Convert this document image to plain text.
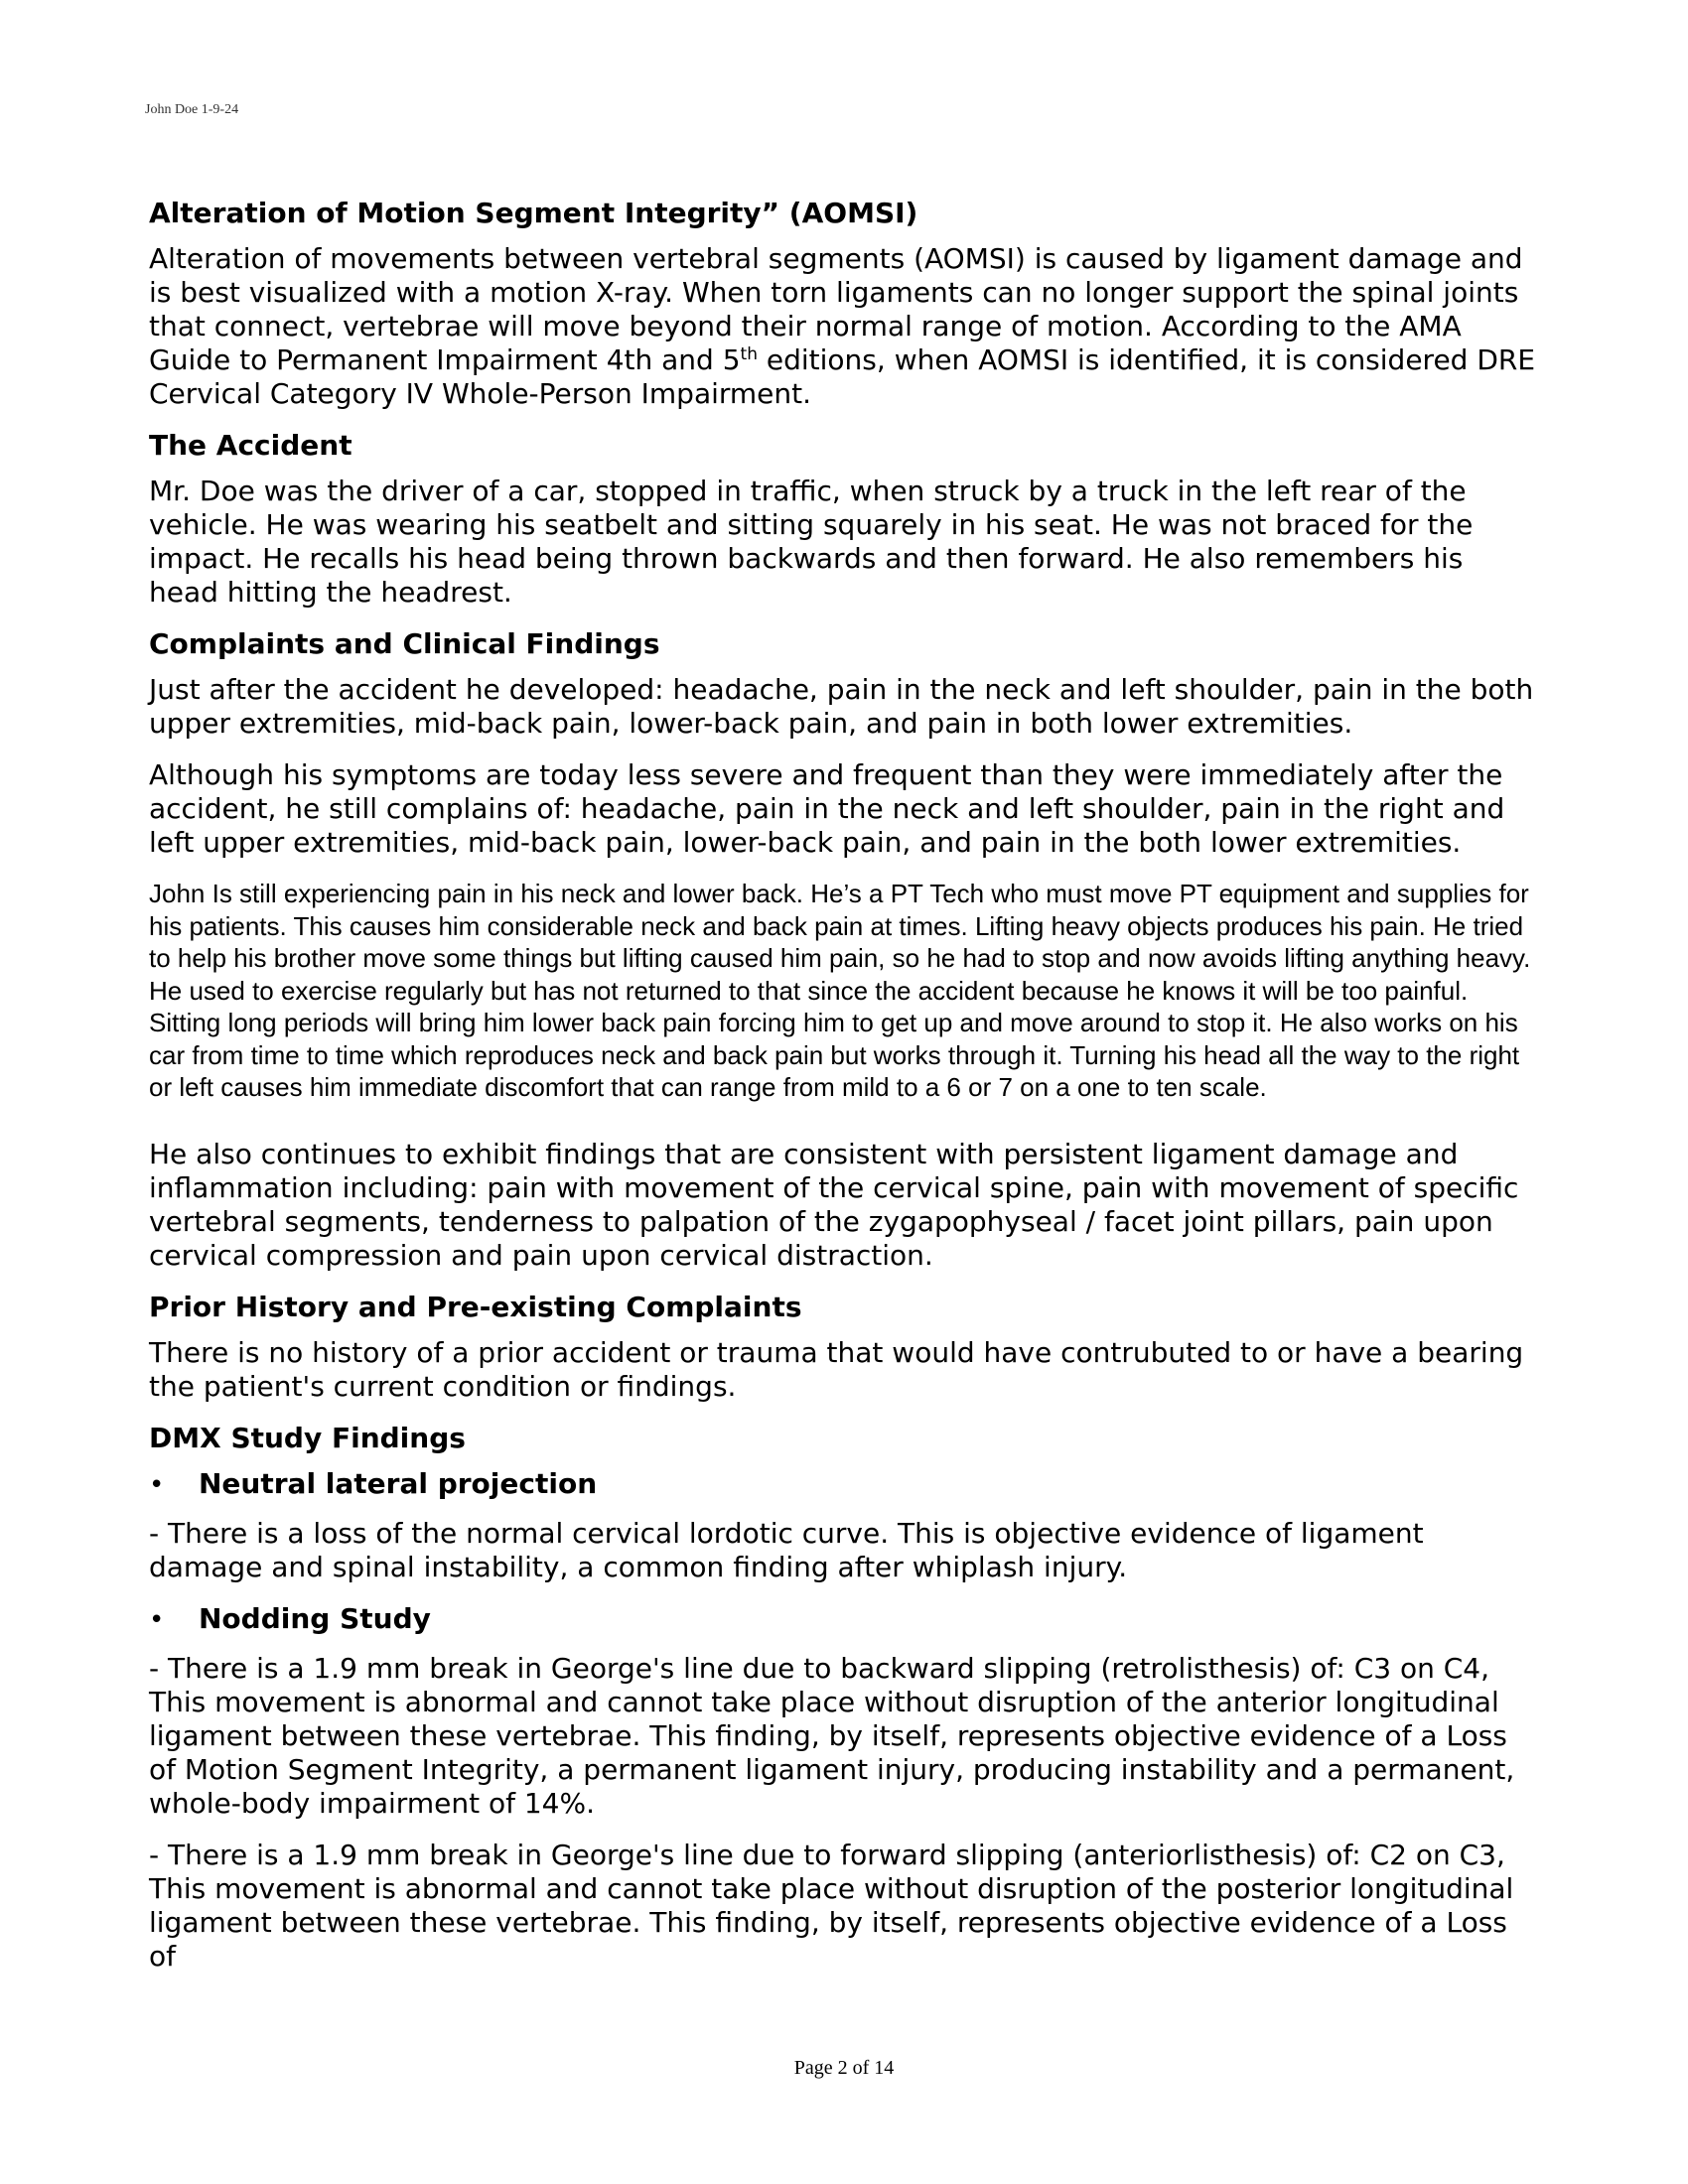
John Doe 1-9-24
Alteration of Motion Segment Integrity” (AOMSI)
Alteration of movements between vertebral segments (AOMSI) is caused by ligament damage and is best visualized with a motion X-ray. When torn ligaments can no longer support the spinal joints that connect, vertebrae will move beyond their normal range of motion. According to the AMA Guide to Permanent Impairment 4th and 5th editions, when AOMSI is identified, it is considered DRE Cervical Category IV Whole-Person Impairment.
The Accident
Mr. Doe was the driver of a car, stopped in traffic, when struck by a truck in the left rear of the vehicle. He was wearing his seatbelt and sitting squarely in his seat. He was not braced for the impact. He recalls his head being thrown backwards and then forward. He also remembers his head hitting the headrest.
Complaints and Clinical Findings
Just after the accident he developed: headache, pain in the neck and left shoulder, pain in the both upper extremities, mid-back pain, lower-back pain, and pain in both lower extremities.
Although his symptoms are today less severe and frequent than they were immediately after the accident, he still complains of: headache, pain in the neck and left shoulder, pain in the right and left upper extremities, mid-back pain, lower-back pain, and pain in the both lower extremities.
John Is still experiencing pain in his neck and lower back. He’s a PT Tech who must move PT equipment and supplies for his patients. This causes him considerable neck and back pain at times. Lifting heavy objects produces his pain. He tried to help his brother move some things but lifting caused him pain, so he had to stop and now avoids lifting anything heavy. He used to exercise regularly but has not returned to that since the accident because he knows it will be too painful. Sitting long periods will bring him lower back pain forcing him to get up and move around to stop it. He also works on his car from time to time which reproduces neck and back pain but works through it. Turning his head all the way to the right or left causes him immediate discomfort that can range from mild to a 6 or 7 on a one to ten scale.
He also continues to exhibit findings that are consistent with persistent ligament damage and inflammation including: pain with movement of the cervical spine, pain with movement of specific vertebral segments, tenderness to palpation of the zygapophyseal / facet joint pillars, pain upon cervical compression and pain upon cervical distraction.
Prior History and Pre-existing Complaints
There is no history of a prior accident or trauma that would have contrubuted to or have a bearing the patient's current condition or findings.
DMX Study Findings
•	Neutral lateral projection
- There is a loss of the normal cervical lordotic curve. This is objective evidence of ligament damage and spinal instability, a common finding after whiplash injury.
•	Nodding Study
- There is a 1.9 mm break in George's line due to backward slipping (retrolisthesis) of: C3 on C4, This movement is abnormal and cannot take place without disruption of the anterior longitudinal ligament between these vertebrae. This finding, by itself, represents objective evidence of a Loss of Motion Segment Integrity, a permanent ligament injury, producing instability and a permanent, whole-body impairment of 14%.
- There is a 1.9 mm break in George's line due to forward slipping (anteriorlisthesis) of: C2 on C3, This movement is abnormal and cannot take place without disruption of the posterior longitudinal ligament between these vertebrae. This finding, by itself, represents objective evidence of a Loss of
Page 2 of 14
